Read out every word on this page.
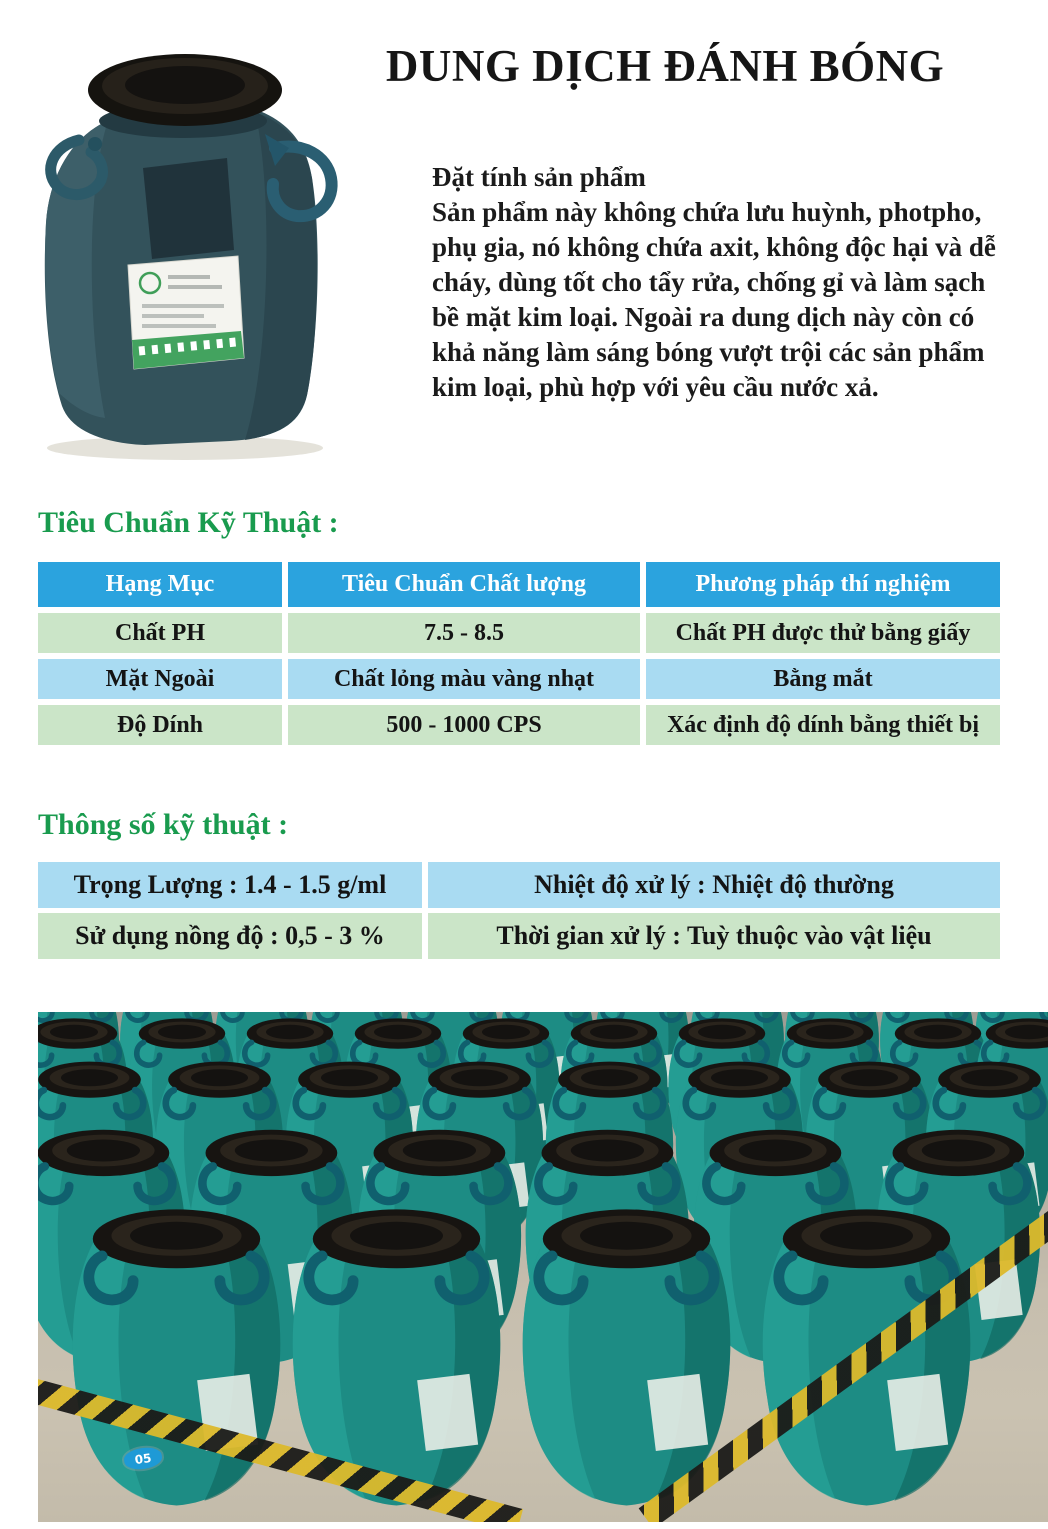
DUNG DỊCH ĐÁNH BÓNG

Đặt tính sản phẩm

Sản phẩm này không chứa lưu huỳnh, photpho, phụ gia, nó không chứa axit, không độc hại và dễ cháy, dùng tốt cho tẩy rửa, chống gỉ và làm sạch bề mặt kim loại. Ngoài ra dung dịch này còn có khả năng làm sáng bóng vượt trội các sản phẩm kim loại, phù hợp với yêu cầu nước xả.

Tiêu Chuẩn Kỹ Thuật :
Hạng Mục	Tiêu Chuẩn Chất lượng	Phương pháp thí nghiệm
Chất PH	7.5 - 8.5	Chất PH được thử bằng giấy
Mặt Ngoài	Chất lỏng màu vàng nhạt	Bằng mắt
Độ Dính	500 - 1000 CPS	Xác định độ dính bằng thiết bị
Thông số kỹ thuật :
Trọng Lượng : 1.4 - 1.5 g/ml	Nhiệt độ xử lý : Nhiệt độ thường
Sử dụng nồng độ : 0,5 - 3 %	Thời gian xử lý : Tuỳ thuộc vào vật liệu
05
